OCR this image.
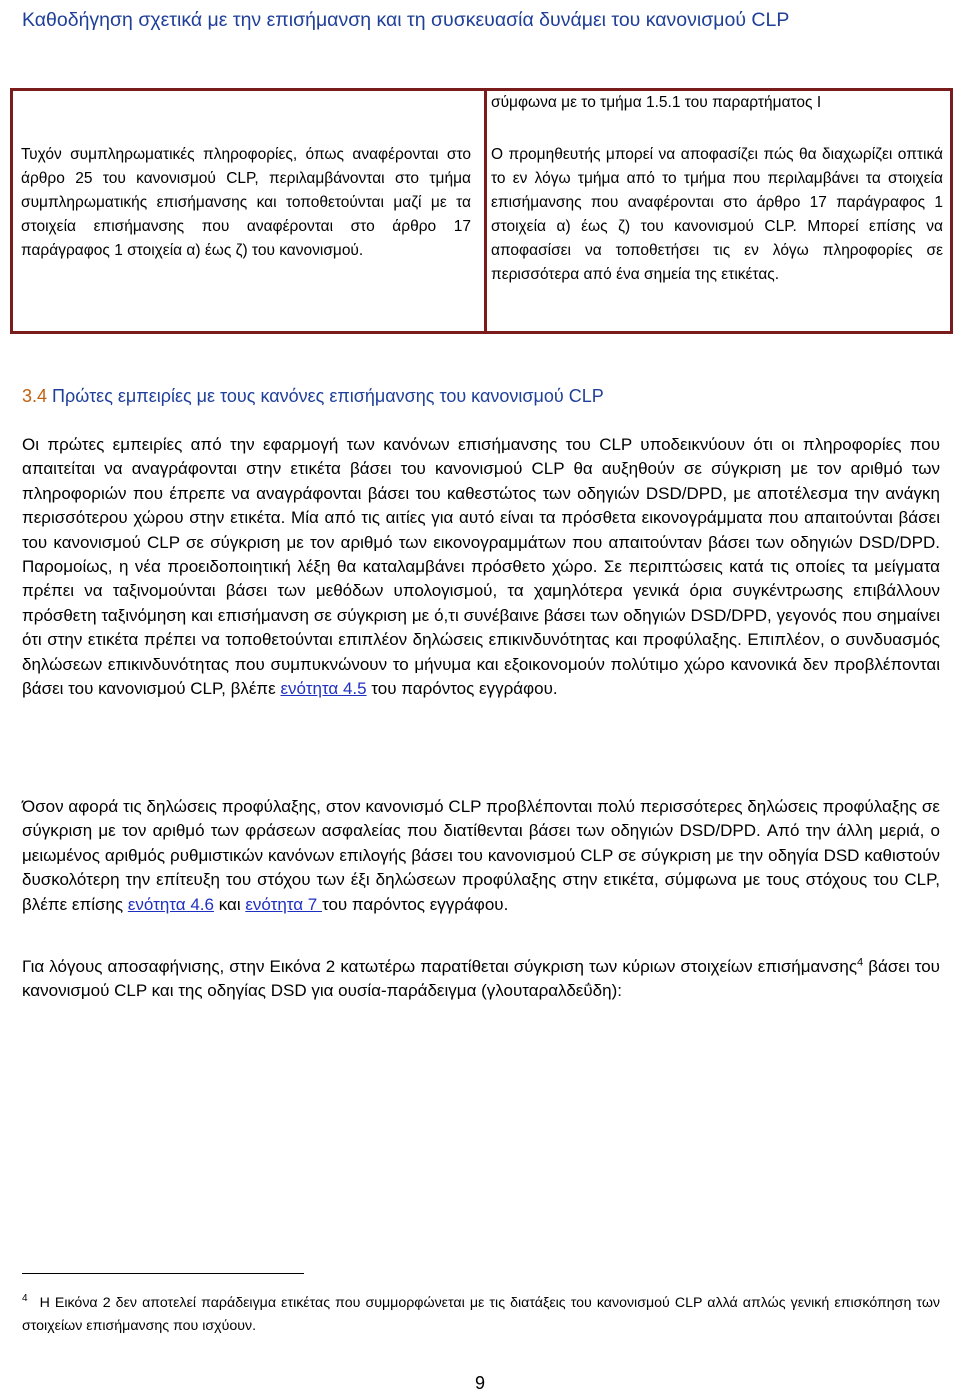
Καθοδήγηση σχετικά με την επισήμανση και τη συσκευασία δυνάμει του κανονισμού CLP
σύμφωνα με το τμήμα 1.5.1 του παραρτήματος I
Τυχόν συμπληρωματικές πληροφορίες, όπως αναφέρονται στο άρθρο 25 του κανονισμού CLP, περιλαμβάνονται στο τμήμα συμπληρωματικής επισήμανσης και τοποθετούνται μαζί με τα στοιχεία επισήμανσης που αναφέρονται στο άρθρο 17 παράγραφος 1 στοιχεία α) έως ζ) του κανονισμού.
Ο προμηθευτής μπορεί να αποφασίζει πώς θα διαχωρίζει οπτικά το εν λόγω τμήμα από το τμήμα που περιλαμβάνει τα στοιχεία επισήμανσης που αναφέρονται στο άρθρο 17 παράγραφος 1 στοιχεία α) έως ζ) του κανονισμού CLP. Μπορεί επίσης να αποφασίσει να τοποθετήσει τις εν λόγω πληροφορίες σε περισσότερα από ένα σημεία της ετικέτας.
3.4 Πρώτες εμπειρίες με τους κανόνες επισήμανσης του κανονισμού CLP

Οι πρώτες εμπειρίες από την εφαρμογή των κανόνων επισήμανσης του CLP υποδεικνύουν ότι οι πληροφορίες που απαιτείται να αναγράφονται στην ετικέτα βάσει του κανονισμού CLP θα αυξηθούν σε σύγκριση με τον αριθμό των πληροφοριών που έπρεπε να αναγράφονται βάσει του καθεστώτος των οδηγιών DSD/DPD, με αποτέλεσμα την ανάγκη περισσότερου χώρου στην ετικέτα. Μία από τις αιτίες για αυτό είναι τα πρόσθετα εικονογράμματα που απαιτούνται βάσει του κανονισμού CLP σε σύγκριση με τον αριθμό των εικονογραμμάτων που απαιτούνταν βάσει των οδηγιών DSD/DPD. Παρομοίως, η νέα προειδοποιητική λέξη θα καταλαμβάνει πρόσθετο χώρο. Σε περιπτώσεις κατά τις οποίες τα μείγματα πρέπει να ταξινομούνται βάσει των μεθόδων υπολογισμού, τα χαμηλότερα γενικά όρια συγκέντρωσης επιβάλλουν πρόσθετη ταξινόμηση και επισήμανση σε σύγκριση με ό,τι συνέβαινε βάσει των οδηγιών DSD/DPD, γεγονός που σημαίνει ότι στην ετικέτα πρέπει να τοποθετούνται επιπλέον δηλώσεις επικινδυνότητας και προφύλαξης. Επιπλέον, ο συνδυασμός δηλώσεων επικινδυνότητας που συμπυκνώνουν το μήνυμα και εξοικονομούν πολύτιμο χώρο κανονικά δεν προβλέπονται βάσει του κανονισμού CLP, βλέπε ενότητα 4.5 του παρόντος εγγράφου.

Όσον αφορά τις δηλώσεις προφύλαξης, στον κανονισμό CLP προβλέπονται πολύ περισσότερες δηλώσεις προφύλαξης σε σύγκριση με τον αριθμό των φράσεων ασφαλείας που διατίθενται βάσει των οδηγιών DSD/DPD. Από την άλλη μεριά, ο μειωμένος αριθμός ρυθμιστικών κανόνων επιλογής βάσει του κανονισμού CLP σε σύγκριση με την οδηγία DSD καθιστούν δυσκολότερη την επίτευξη του στόχου των έξι δηλώσεων προφύλαξης στην ετικέτα, σύμφωνα με τους στόχους του CLP, βλέπε επίσης ενότητα 4.6 και ενότητα 7 του παρόντος εγγράφου.

Για λόγους αποσαφήνισης, στην Εικόνα 2 κατωτέρω παρατίθεται σύγκριση των κύριων στοιχείων επισήμανσης$^4$ βάσει του κανονισμού CLP και της οδηγίας DSD για ουσία-παράδειγμα (γλουταραλδεΰδη):

$^4$ Η Εικόνα 2 δεν αποτελεί παράδειγμα ετικέτας που συμμορφώνεται με τις διατάξεις του κανονισμού CLP αλλά απλώς γενική επισκόπηση των στοιχείων επισήμανσης που ισχύουν.
9
